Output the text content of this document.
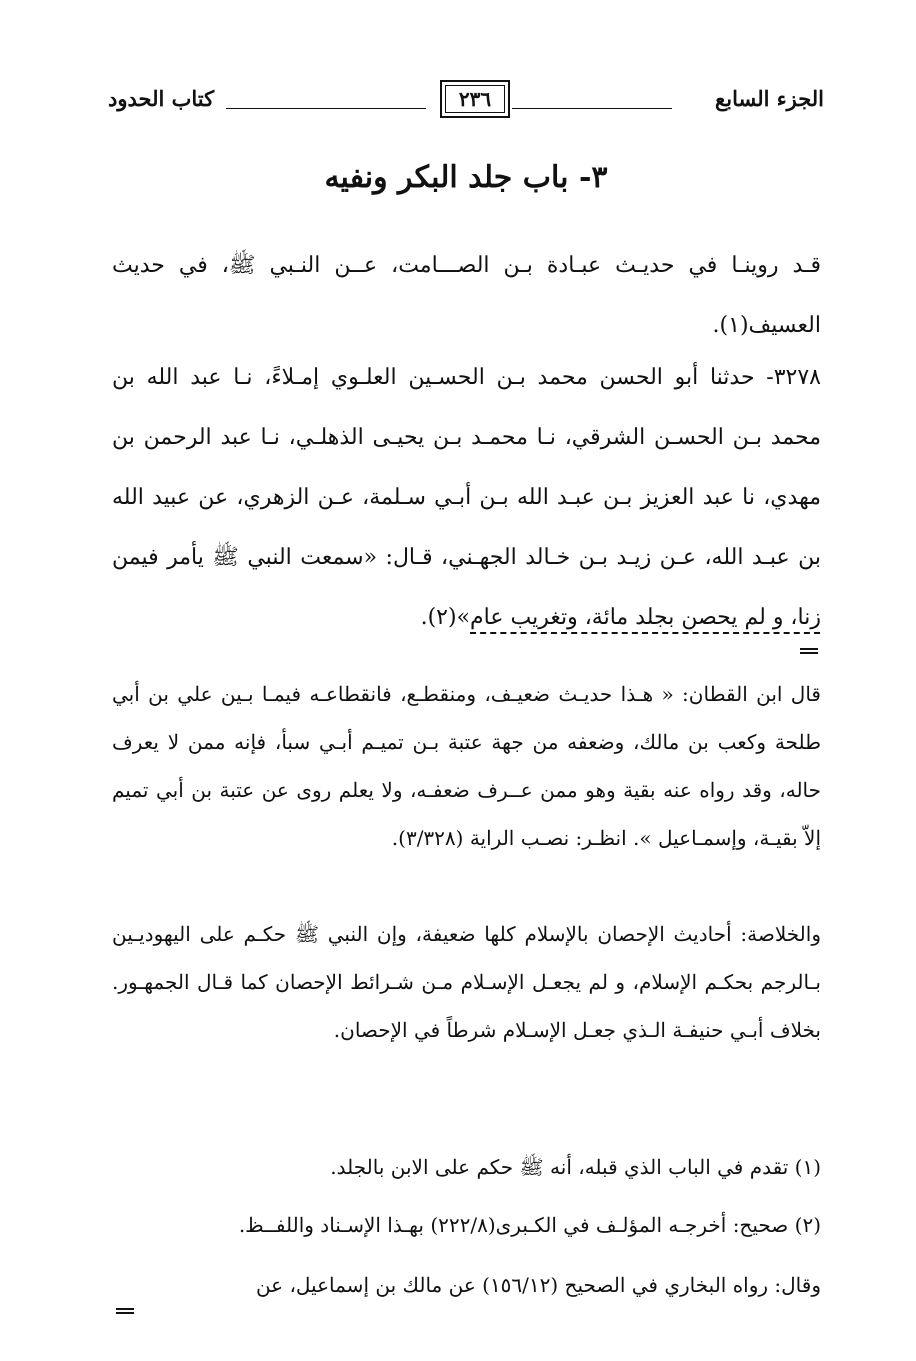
الجزء السابع
٢٣٦
كتاب الحدود
٣- باب جلد البكر ونفيه
قـد روينـا في حديـث عبـادة بـن الصـــامت، عــن النـبي ﷺ، في حديث العسيف(١).
٣٢٧٨- حدثنا أبو الحسن محمد بـن الحسـين العلـوي إمـلاءً، نـا عبد الله بن محمد بـن الحسـن الشرقي، نـا محمـد بـن يحيـى الذهلـي، نـا عبد الرحمن بن مهدي، نا عبد العزيز بـن عبـد الله بـن أبـي سـلمة، عـن الزهري، عن عبيد الله بن عبـد الله، عـن زيـد بـن خـالد الجهـني، قـال: «سمعت النبي ﷺ يأمر فيمن زنا، و لم يحصن بجلد مائة، وتغريب عام»(٢).
قال ابن القطان: « هـذا حديـث ضعيـف، ومنقطـع، فانقطاعـه فيمـا بـين علي بن أبي طلحة وكعب بن مالك، وضعفه من جهة عتبة بـن تميـم أبـي سبأ، فإنه ممن لا يعرف حاله، وقد رواه عنه بقية وهو ممن عــرف ضعفـه، ولا يعلم روى عن عتبة بن أبي تميم إلاّ بقيـة، وإسمـاعيل ». انظـر: نصـب الراية (٣/٣٢٨).
والخلاصة: أحاديث الإحصان بالإسلام كلها ضعيفة، وإن النبي ﷺ حكـم على اليهوديـين بـالرجم بحكـم الإسلام، و لم يجعـل الإسـلام مـن شـرائط الإحصان كما قـال الجمهـور. بخلاف أبـي حنيفـة الـذي جعـل الإسـلام شرطاً في الإحصان.
(١) تقدم في الباب الذي قبله، أنه ﷺ حكم على الابن بالجلد.
(٢) صحيح: أخرجـه المؤلـف في الكـبرى(٢٢٢/٨) بهـذا الإسـناد واللفــظ.
وقال: رواه البخاري في الصحيح (١٥٦/١٢) عن مالك بن إسماعيل، عن
